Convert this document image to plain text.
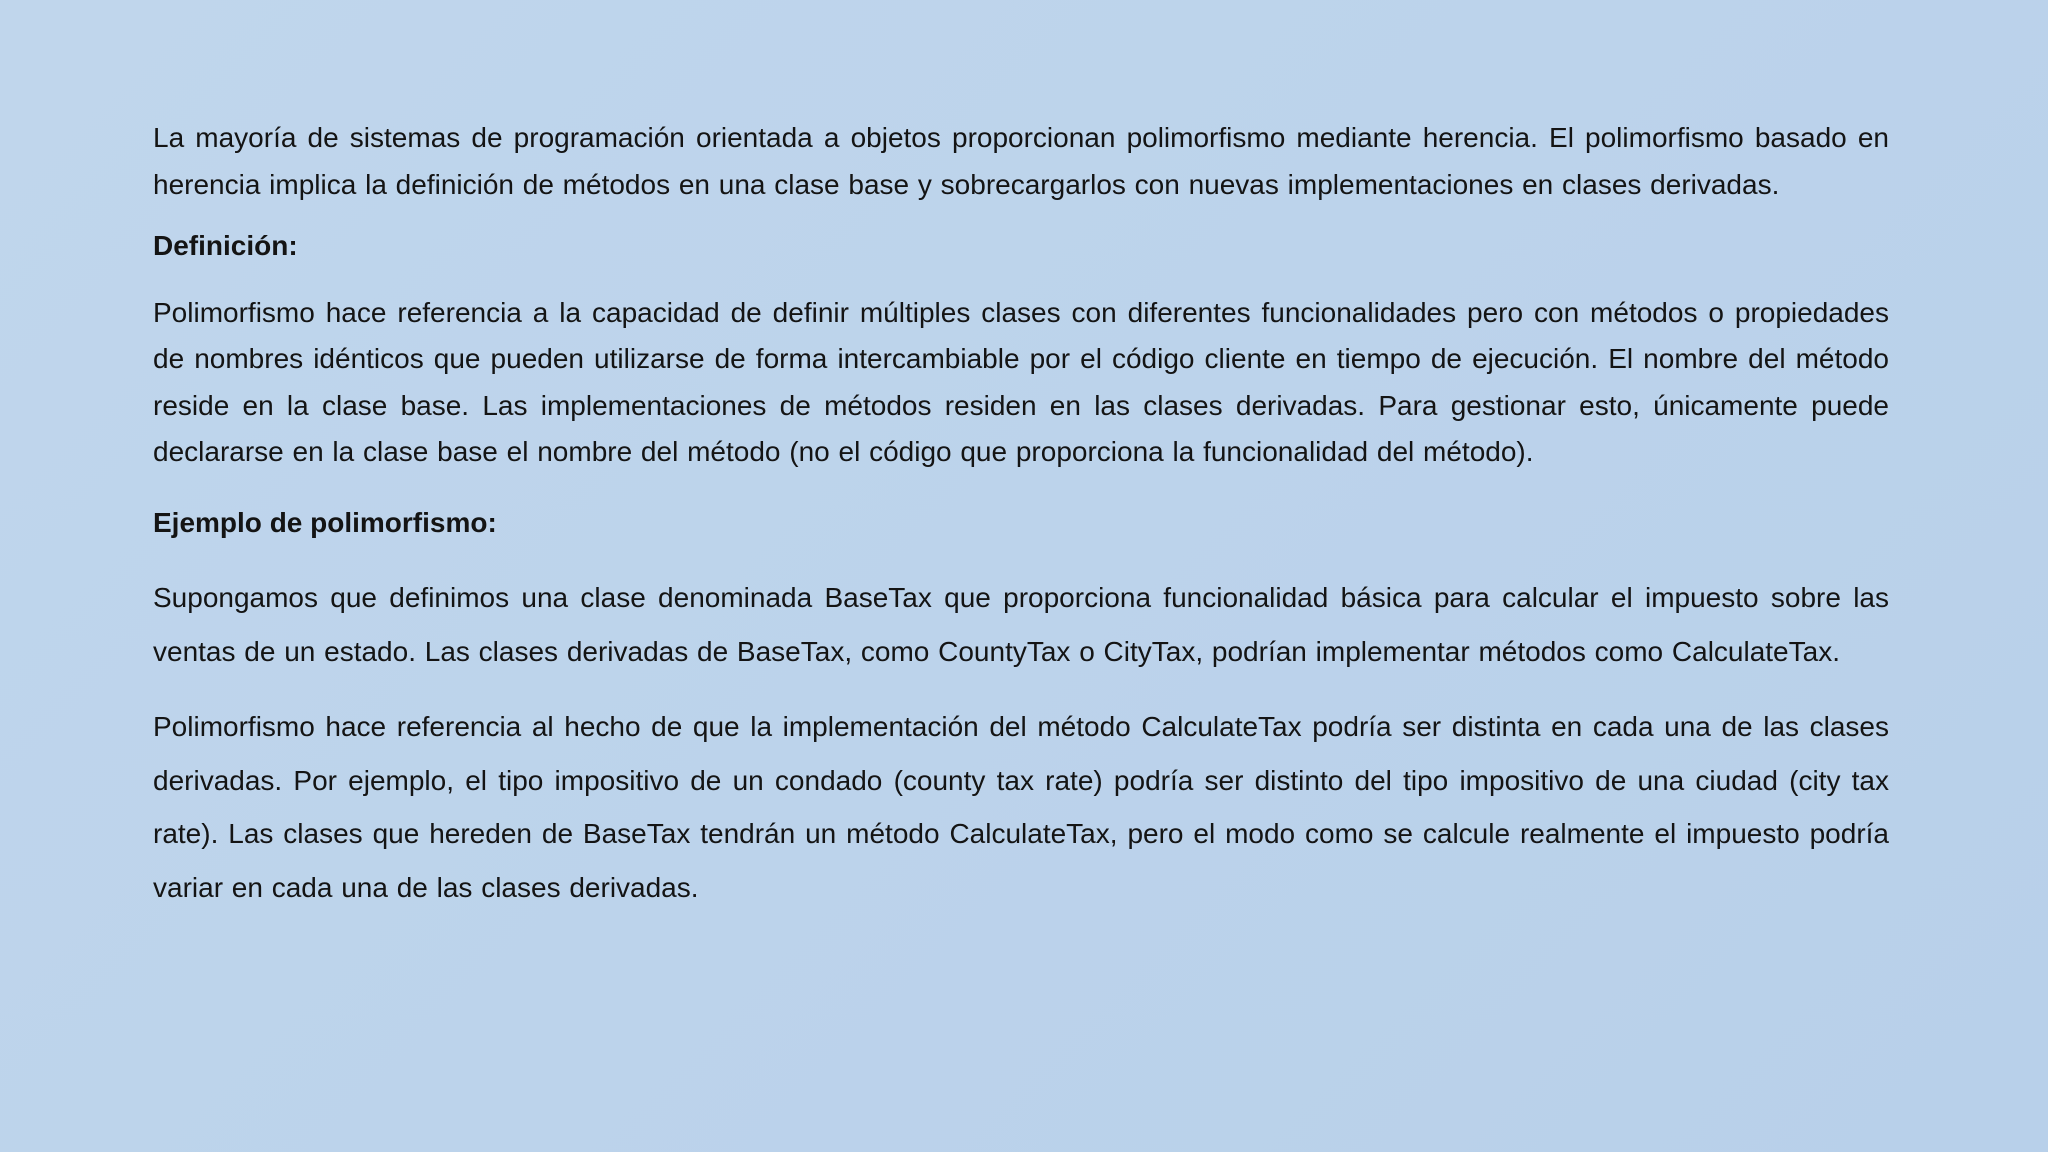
La mayoría de sistemas de programación orientada a objetos proporcionan polimorfismo mediante herencia. El polimorfismo basado en herencia implica la definición de métodos en una clase base y sobrecargarlos con nuevas implementaciones en clases derivadas.

Definición:

Polimorfismo hace referencia a la capacidad de definir múltiples clases con diferentes funcionalidades pero con métodos o propiedades de nombres idénticos que pueden utilizarse de forma intercambiable por el código cliente en tiempo de ejecución. El nombre del método reside en la clase base. Las implementaciones de métodos residen en las clases derivadas. Para gestionar esto, únicamente puede declararse en la clase base el nombre del método (no el código que proporciona la funcionalidad del método).

Ejemplo de polimorfismo:

Supongamos que definimos una clase denominada BaseTax que proporciona funcionalidad básica para calcular el impuesto sobre las ventas de un estado. Las clases derivadas de BaseTax, como CountyTax o CityTax, podrían implementar métodos como CalculateTax.

Polimorfismo hace referencia al hecho de que la implementación del método CalculateTax podría ser distinta en cada una de las clases derivadas. Por ejemplo, el tipo impositivo de un condado (county tax rate) podría ser distinto del tipo impositivo de una ciudad (city tax rate). Las clases que hereden de BaseTax tendrán un método CalculateTax, pero el modo como se calcule realmente el impuesto podría variar en cada una de las clases derivadas.
